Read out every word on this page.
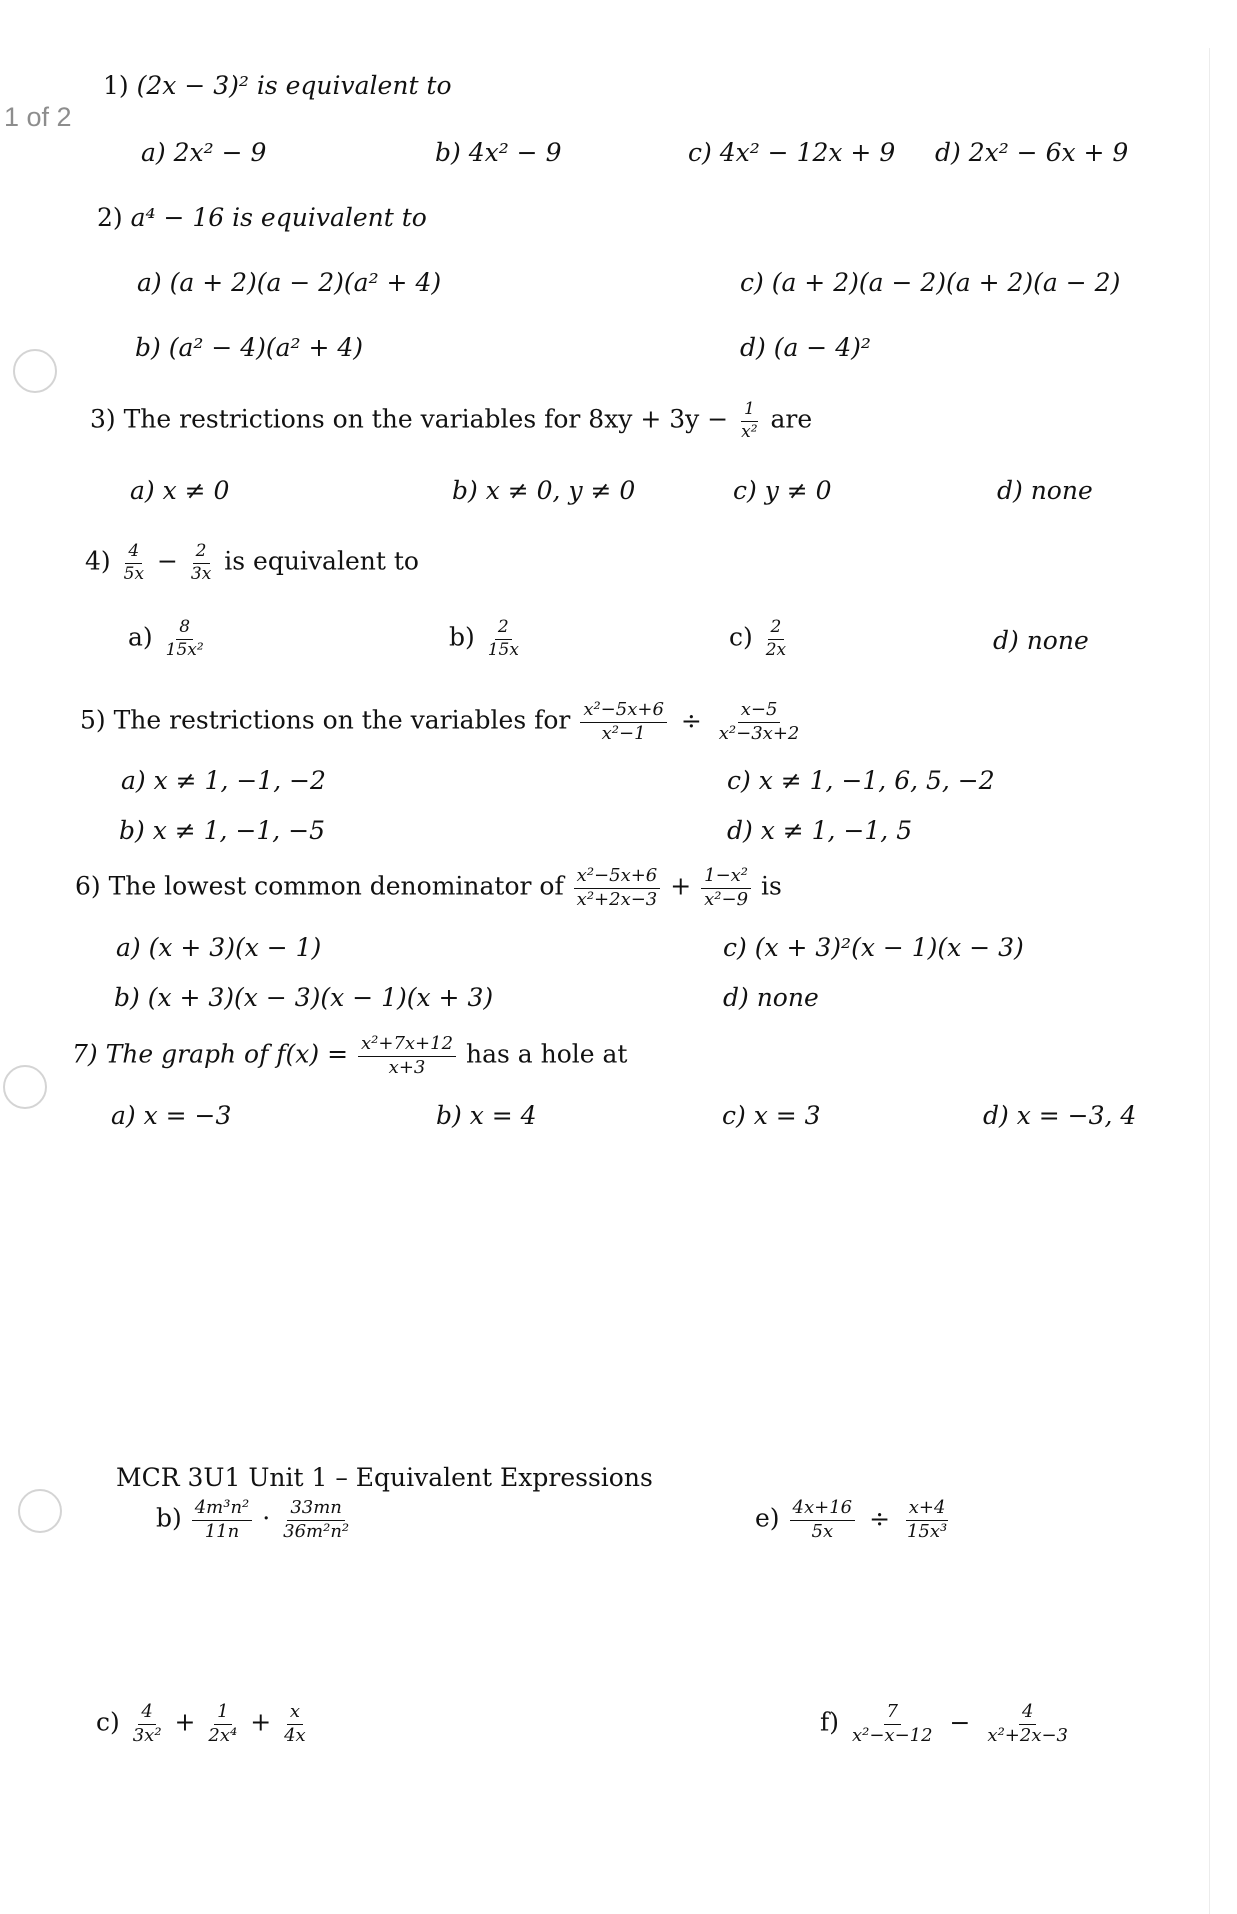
1 of 2
1) (2x − 3)² is equivalent to
a) 2x² − 9	b) 4x² − 9	c) 4x² − 12x + 9 d) 2x² − 6x + 9
2) a⁴ − 16 is equivalent to
a) (a + 2)(a − 2)(a² + 4)	c) (a + 2)(a − 2)(a + 2)(a − 2)
b) (a² − 4)(a² + 4)	d) (a − 4)²
3) The restrictions on the variables for $8xy + 3y - \frac{1}{\text{x²}}$ are
a) x ≠ 0	b) x ≠ 0, y ≠ 0	c) y ≠ 0	d) none
$4) \frac{4}{5x} - \frac{2}{3x}$ is equivalent to
$a) \frac{8}{\text{15x²}}$	$b) \frac{2}{15x}$	$c) \frac{2}{2x}$	d) none
5) The restrictions on the variables for $\frac{\text{x²−5x+6}}{\text{x²−1}} \div \frac{x-5}{\text{x²−3x+2}}$
a) x ≠ 1, −1, −2	c) x ≠ 1, −1, 6, 5, −2
b) x ≠ 1, −1, −5	d) x ≠ 1, −1, 5
6) The lowest common denominator of $\frac{\text{x²−5x+6}}{\text{x²+2x−3}} + \frac{\text{1−x²}}{\text{x²−9}}$ is
a) (x + 3)(x − 1)	c) (x + 3)²(x − 1)(x − 3)
b) (x + 3)(x − 3)(x − 1)(x + 3)	d) none
7) The graph of $f(x) = \frac{\text{x²+7x+12}}{x+3}$ has a hole at
a) x = −3	b) x = 4	c) x = 3	d) x = −3, 4
MCR 3U1 Unit 1 – Equivalent Expressions
$b) \frac{\text{4m³n²}}{11n} \cdot \frac{33mn}{\text{36m²n²}}$	$e) \frac{4x+16}{5x} \div \frac{x+4}{\text{15x³}}$
$c) \frac{4}{\text{3x²}} + \frac{1}{\text{2x⁴}} + \frac{x}{4x}$	$f) \frac{7}{\text{x²−x−12}} - \frac{4}{\text{x²+2x−3}}$
